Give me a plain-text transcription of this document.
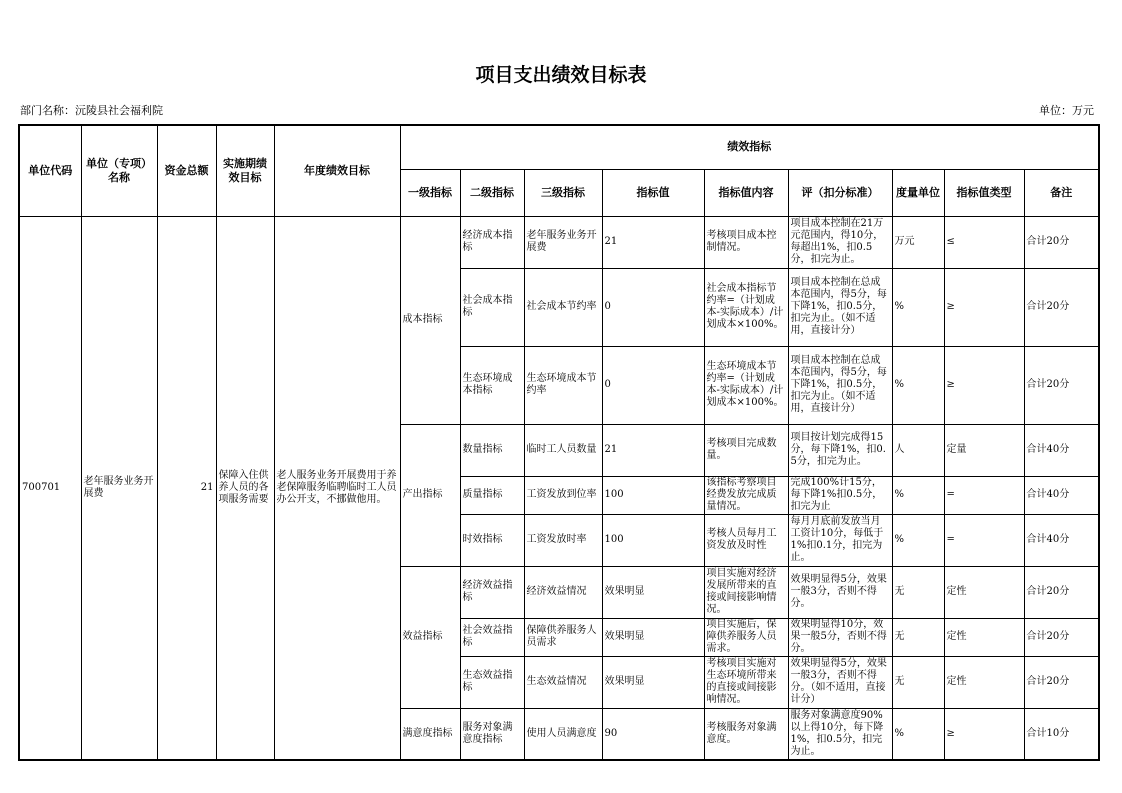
项目支出绩效目标表
部门名称：沅陵县社会福利院	单位：万元
单位代码	单位（专项）名称	资金总额	实施期绩效目标	年度绩效目标	绩效指标								
					一级指标	二级指标	三级指标	指标值	指标值内容	评（扣分标准）	度量单位	指标值类型	备注
700701	老年服务业务开展费	21	保障入住供养人员的各项服务需要	老人服务业务开展费用于养老保障服务临聘临时工人员办公开支，不挪做他用。	成本指标	经济成本指标	老年服务业务开展费	21	考核项目成本控制情况。	项目成本控制在21万元范围内，得10分，每超出1%，扣0.5分，扣完为止。	万元	≤	合计20分
						社会成本指标	社会成本节约率	0	社会成本指标节约率=（计划成本-实际成本）/计划成本×100%。	项目成本控制在总成本范围内，得5分，每下降1%，扣0.5分，扣完为止。（如不适用，直接计分）	%	≥	合计20分
						生态环境成本指标	生态环境成本节约率	0	生态环境成本节约率=（计划成本-实际成本）/计划成本×100%。	项目成本控制在总成本范围内，得5分，每下降1%，扣0.5分，扣完为止。（如不适用，直接计分）	%	≥	合计20分
					产出指标	数量指标	临时工人员数量	21	考核项目完成数量。	项目按计划完成得15分，每下降1%，扣0.5分，扣完为止。	人	定量	合计40分
						质量指标	工资发放到位率	100	该指标考察项目经费发放完成质量情况。	完成100%计15分，每下降1%扣0.5分，扣完为止	%	=	合计40分
						时效指标	工资发放时率	100	考核人员每月工资发放及时性	每月月底前发放当月工资计10分，每低于1%扣0.1分，扣完为止。	%	=	合计40分
					效益指标	经济效益指标	经济效益情况	效果明显	项目实施对经济发展所带来的直接或间接影响情况。	效果明显得5分，效果一般3分，否则不得分。	无	定性	合计20分
						社会效益指标	保障供养服务人员需求	效果明显	项目实施后，保障供养服务人员需求。	效果明显得10分，效果一般5分，否则不得分。	无	定性	合计20分
						生态效益指标	生态效益情况	效果明显	考核项目实施对生态环境所带来的直接或间接影响情况。	效果明显得5分，效果一般3分，否则不得分。（如不适用，直接计分）	无	定性	合计20分
					满意度指标	服务对象满意度指标	使用人员满意度	90	考核服务对象满意度。	服务对象满意度90%以上得10分，每下降1%，扣0.5分，扣完为止。	%	≥	合计10分
